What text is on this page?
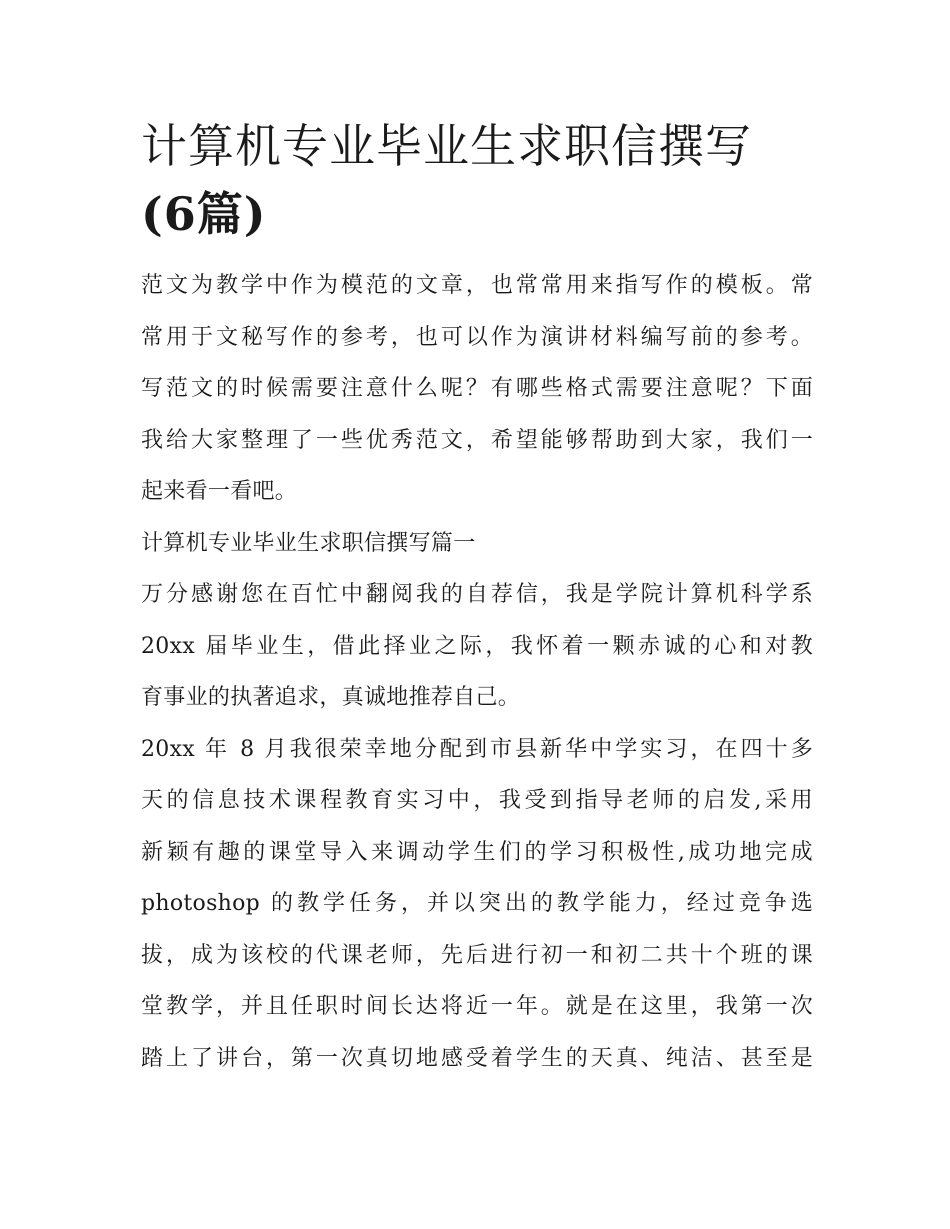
计算机专业毕业生求职信撰写
(6篇)
范文为教学中作为模范的文章，也常常用来指写作的模板。常
常用于文秘写作的参考，也可以作为演讲材料编写前的参考。
写范文的时候需要注意什么呢？有哪些格式需要注意呢？下面
我给大家整理了一些优秀范文，希望能够帮助到大家，我们一
起来看一看吧。
计算机专业毕业生求职信撰写篇一
万分感谢您在百忙中翻阅我的自荐信，我是学院计算机科学系
20xx 届毕业生，借此择业之际，我怀着一颗赤诚的心和对教
育事业的执著追求，真诚地推荐自己。
20xx 年 8 月我很荣幸地分配到市县新华中学实习，在四十多
天的信息技术课程教育实习中，我受到指导老师的启发,采用
新颖有趣的课堂导入来调动学生们的学习积极性,成功地完成
photoshop 的教学任务，并以突出的教学能力，经过竞争选
拔，成为该校的代课老师，先后进行初一和初二共十个班的课
堂教学，并且任职时间长达将近一年。就是在这里，我第一次
踏上了讲台，第一次真切地感受着学生的天真、纯洁、甚至是
